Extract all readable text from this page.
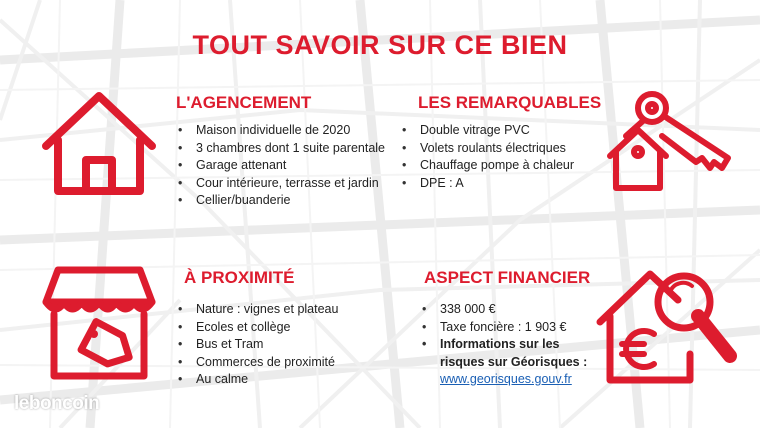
TOUT SAVOIR SUR CE BIEN
L'AGENCEMENT
• Maison individuelle de 2020
• 3 chambres dont 1 suite parentale
• Garage attenant
• Cour intérieure, terrasse et jardin
• Cellier/buanderie
LES REMARQUABLES
• Double vitrage PVC
• Volets roulants électriques
• Chauffage pompe à chaleur
• DPE : A
À PROXIMITÉ
• Nature : vignes et plateau
• Ecoles et collège
• Bus et Tram
• Commerces de proximité
• Au calme
ASPECT FINANCIER
• 338 000 €
• Taxe foncière : 1 903 €
• Informations sur les risques sur Géorisques :
www.georisques.gouv.fr
leboncoin
